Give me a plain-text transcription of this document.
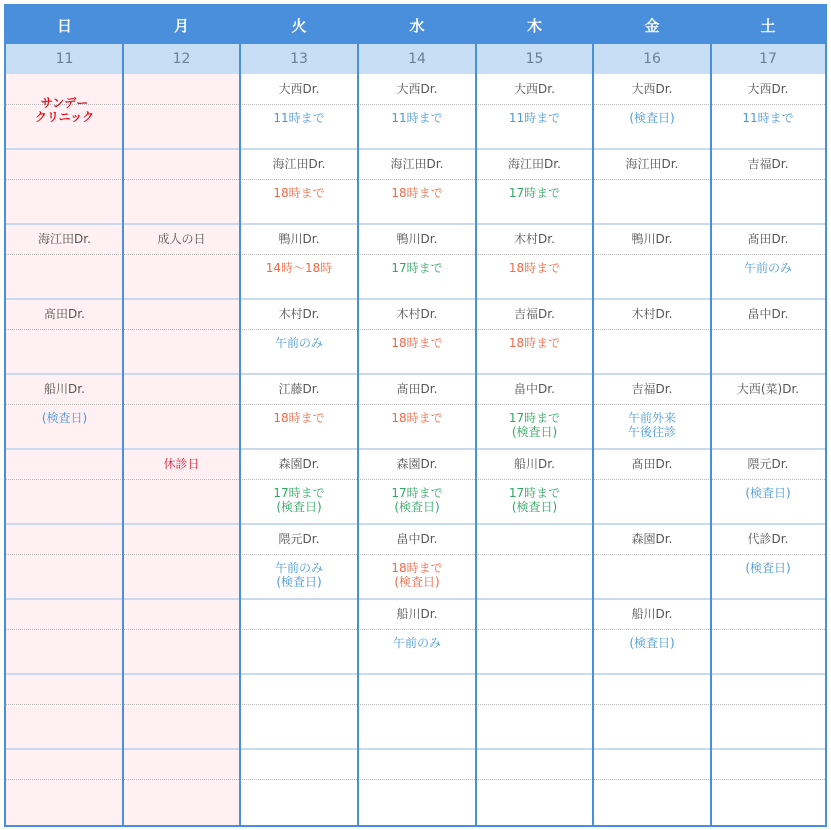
日
11
月
12
火
13
水
14
木
15
金
16
土
17
サンデー
クリニック
海江田Dr.
髙田Dr.
船川Dr.
(検査日)
成人の日
休診日
大西Dr.
11時まで
海江田Dr.
18時まで
鴨川Dr.
14時〜18時
木村Dr.
午前のみ
江藤Dr.
18時まで
森園Dr.
17時まで
(検査日)
隈元Dr.
午前のみ
(検査日)
大西Dr.
11時まで
海江田Dr.
18時まで
鴨川Dr.
17時まで
木村Dr.
18時まで
髙田Dr.
18時まで
森園Dr.
17時まで
(検査日)
畠中Dr.
18時まで
(検査日)
船川Dr.
午前のみ
大西Dr.
11時まで
海江田Dr.
17時まで
木村Dr.
18時まで
吉福Dr.
18時まで
畠中Dr.
17時まで
(検査日)
船川Dr.
17時まで
(検査日)
大西Dr.
(検査日)
海江田Dr.
鴨川Dr.
木村Dr.
吉福Dr.
午前外来
午後往診
髙田Dr.
森園Dr.
船川Dr.
(検査日)
大西Dr.
11時まで
吉福Dr.
髙田Dr.
午前のみ
畠中Dr.
大西(菜)Dr.
隈元Dr.
(検査日)
代診Dr.
(検査日)
